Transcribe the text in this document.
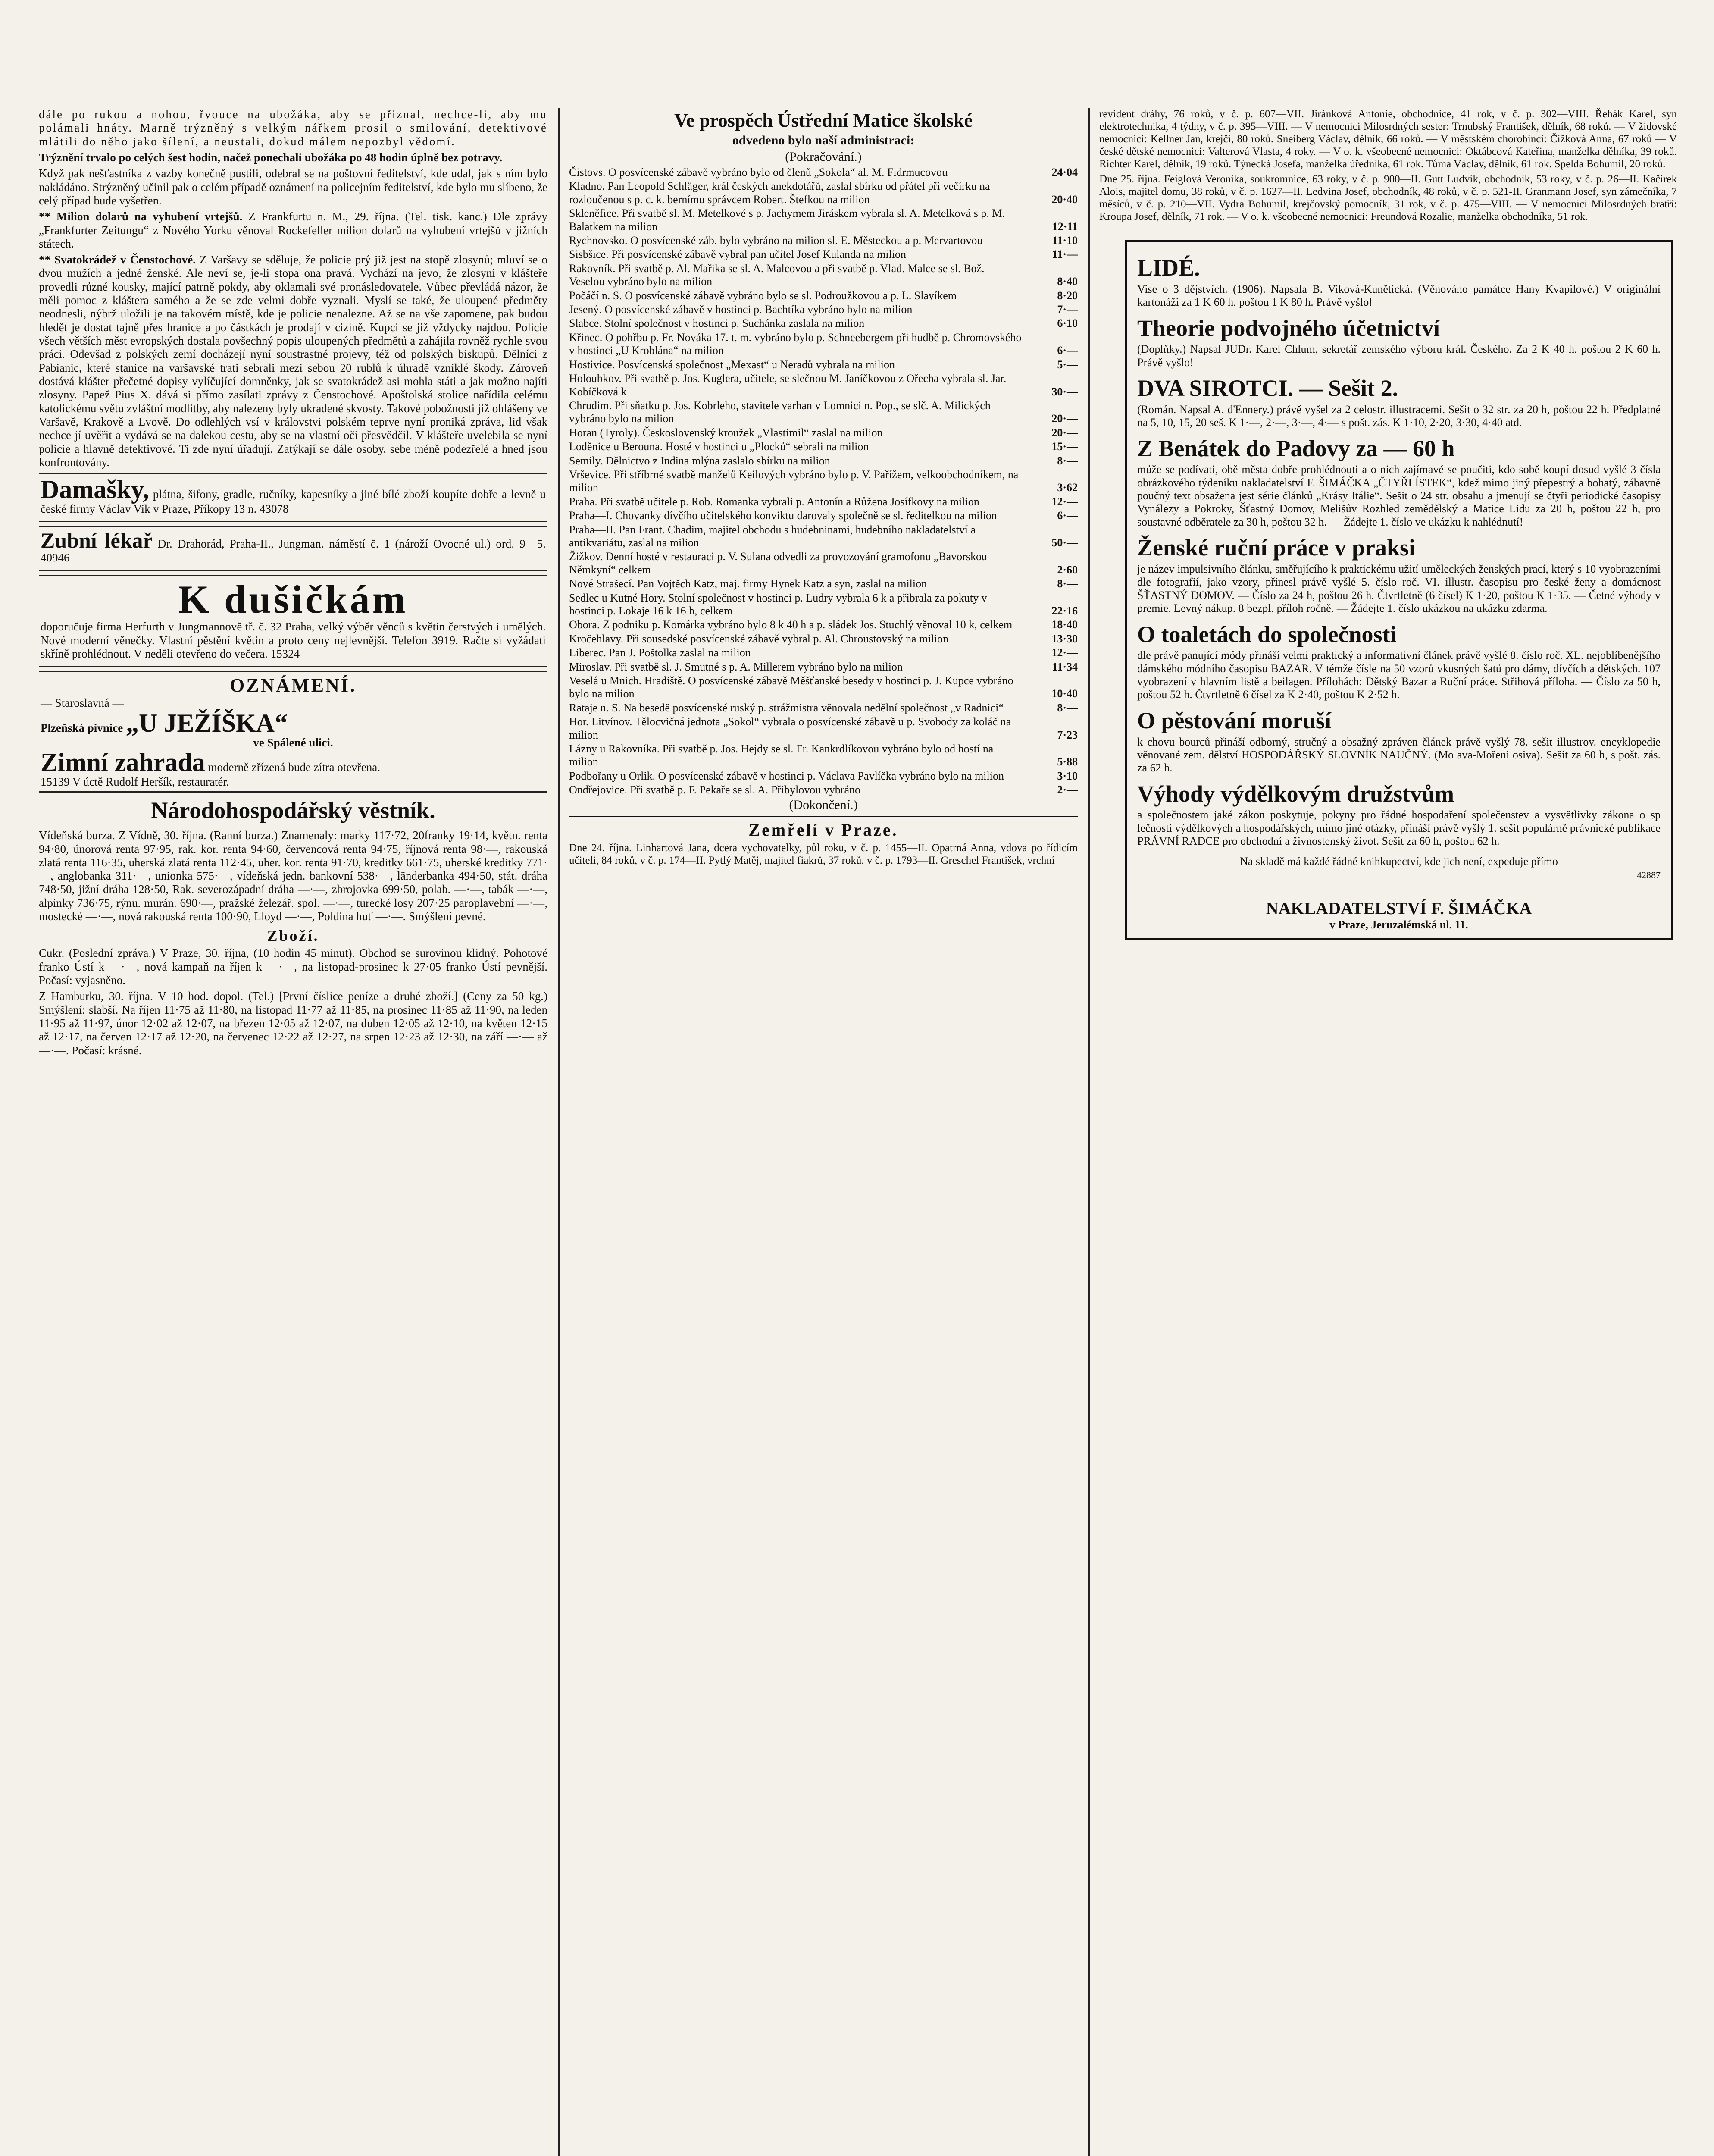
dále po rukou a nohou, řvouce na ubožáka, aby se přiznal, nechce-li, aby mu polámali hnáty. Marně trýzněný s velkým nářkem prosil o smilování, detektivové mlátili do něho jako šílení, a neustali, dokud málem nepozbyl vědomí.

Trýznění trvalo po celých šest hodin, načež ponechali ubožáka po 48 hodin úplně bez potravy.

Když pak nešťastníka z vazby konečně pustili, odebral se na poštovní ředitelství, kde udal, jak s ním bylo nakládáno. Strýzněný učinil pak o celém případě oznámení na policejním ředitelství, kde bylo mu slíbeno, že celý případ bude vyšetřen.

** Milion dolarů na vyhubení vrtejšů. Z Frankfurtu n. M., 29. října. (Tel. tisk. kanc.) Dle zprávy „Frankfurter Zeitungu“ z Nového Yorku věnoval Rockefeller milion dolarů na vyhubení vrtejšů v jižních státech.

** Svatokrádež v Čenstochové. Z Varšavy se sděluje, že policie prý již jest na stopě zlosynů; mluví se o dvou mužích a jedné ženské. Ale neví se, je-li stopa ona pravá. Vychází na jevo, že zlosyni v klášteře provedli různé kousky, mající patrně pokdy, aby oklamali své pronásledovatele. Vůbec převládá názor, že měli pomoc z kláštera samého a že se zde velmi dobře vyznali. Myslí se také, že uloupené předměty neodnesli, nýbrž uložili je na takovém místě, kde je policie nenalezne. Až se na vše zapomene, pak budou hledět je dostat tajně přes hranice a po částkách je prodají v cizině. Kupci se již vždycky najdou. Policie všech větších měst evropských dostala povšechný popis uloupených předmětů a zahájila rovněž rychle svou práci. Odevšad z polských zemí docházejí nyní soustrastné projevy, též od polských biskupů. Dělníci z Pabianic, které stanice na varšavské trati sebrali mezi sebou 20 rublů k úhradě vzniklé škody. Zároveň dostává klášter přečetné dopisy vylíčující domněnky, jak se svatokrádež asi mohla státi a jak možno najíti zlosyny. Papež Pius X. dává si přímo zasílati zprávy z Čenstochové. Apoštolská stolice nařídila celému katolickému světu zvláštní modlitby, aby nalezeny byly ukradené skvosty. Takové pobožnosti již ohlášeny ve Varšavě, Krakově a Lvově. Do odlehlých vsí v královstvi polském teprve nyní proniká zpráva, lid však nechce jí uvěřit a vydává se na dalekou cestu, aby se na vlastní oči přesvědčil. V klášteře uvelebila se nyní policie a hlavně detektivové. Ti zde nyní úřadují. Zatýkají se dále osoby, sebe méně podezřelé a hned jsou konfrontovány.

Damašky, plátna, šifony, gradle, ručníky, kapesníky a jiné bílé zboží koupíte dobře a levně u české firmy Václav Vik v Praze, Příkopy 13 n. 43078

Zubní lékař Dr. Drahorád, Praha-II., Jungman. náměstí č. 1 (nároží Ovocné ul.) ord. 9—5. 40946

K dušičkám

doporučuje firma Herfurth v Jungmannově tř. č. 32 Praha, velký výběr věnců s květin čerstvých i umělých. Nové moderní věnečky. Vlastní pěstění květin a proto ceny nejlevnější. Telefon 3919. Račte si vyžádati skříně prohlédnout. V neděli otevřeno do večera. 15324

OZNÁMENÍ.

— Staroslavná —

Plzeňská pivnice „U JEŽÍŠKA“

ve Spálené ulici.

Zimní zahrada moderně zřízená bude zítra otevřena.

15139 V úctě Rudolf Heršík, restauratér.

Národohospodářský věstník.

Vídeňská burza. Z Vídně, 30. října. (Ranní burza.) Znamenaly: marky 117·72, 20franky 19·14, květn. renta 94·80, únorová renta 97·95, rak. kor. renta 94·60, červencová renta 94·75, říjnová renta 98·—, rakouská zlatá renta 116·35, uherská zlatá renta 112·45, uher. kor. renta 91·70, kreditky 661·75, uherské kreditky 771·—, anglobanka 311·—, unionka 575·—, vídeňská jedn. bankovní 538·—, länderbanka 494·50, stát. dráha 748·50, jižní dráha 128·50, Rak. severozápadní dráha —·—, zbrojovka 699·50, polab. —·—, tabák —·—, alpinky 736·75, rýnu. murán. 690·—, pražské železář. spol. —·—, turecké losy 207·25 paroplavební —·—, mostecké —·—, nová rakouská renta 100·90, Lloyd —·—, Poldina huť —·—. Smýšlení pevné.

Zboží.

Cukr. (Poslední zpráva.) V Praze, 30. října, (10 hodin 45 minut). Obchod se surovinou klidný. Pohotové franko Ústí k —·—, nová kampaň na říjen k —·—, na listopad-prosinec k 27·05 franko Ústí pevnější. Počasí: vyjasněno.

Z Hamburku, 30. října. V 10 hod. dopol. (Tel.) [První číslice peníze a druhé zboží.] (Ceny za 50 kg.) Smýšlení: slabší. Na říjen 11·75 až 11·80, na listopad 11·77 až 11·85, na prosinec 11·85 až 11·90, na leden 11·95 až 11·97, únor 12·02 až 12·07, na březen 12·05 až 12·07, na duben 12·05 až 12·10, na květen 12·15 až 12·17, na červen 12·17 až 12·20, na červenec 12·22 až 12·27, na srpen 12·23 až 12·30, na září —·— až —·—. Počasí: krásné.

Ve prospěch Ústřední Matice školské
odvedeno bylo naší administraci:
(Pokračování.)
Čistovs. O posvícenské zábavě vybráno bylo od členů „Sokola“ al. M. Fidrmucovou	24·04
Kladno. Pan Leopold Schläger, král českých anekdotářů, zaslal sbírku od přátel při večírku na rozloučenou s p. c. k. bernímu správcem Robert. Štefkou na milion	20·40
Skleněfice. Při svatbě sl. M. Metelkové s p. Jachymem Jiráskem vybrala sl. A. Metelková s p. M. Balatkem na milion	12·11
Rychnovsko. O posvícenské záb. bylo vybráno na milion sl. E. Městeckou a p. Mervartovou	11·10
Sisbšice. Při posvícenské zábavě vybral pan učitel Josef Kulanda na milion	11·—
Rakovník. Při svatbě p. Al. Mařika se sl. A. Malcovou a při svatbě p. Vlad. Malce se sl. Bož. Veselou vybráno bylo na milion	8·40
Počáčí n. S. O posvícenské zábavě vybráno bylo se sl. Podroužkovou a p. L. Slavíkem	8·20
Jesený. O posvícenské zábavě v hostinci p. Bachtíka vybráno bylo na milion	7·—
Slabce. Stolní společnost v hostinci p. Suchánka zaslala na milion	6·10
Křinec. O pohřbu p. Fr. Nováka 17. t. m. vybráno bylo p. Schneebergem při hudbě p. Chromovského v hostinci „U Kroblána“ na milion	6·—
Hostivice. Posvícenská společnost „Mexast“ u Neradů vybrala na milion	5·—
Holoubkov. Při svatbě p. Jos. Kuglera, učitele, se slečnou M. Janíčkovou z Ořecha vybrala sl. Jar. Kobíčková k	30·—
Chrudim. Při sňatku p. Jos. Kobrleho, stavitele varhan v Lomnici n. Pop., se slč. A. Milických vybráno bylo na milion	20·—
Horan (Tyroly). Československý kroužek „Vlastimil“ zaslal na milion	20·—
Loděnice u Berouna. Hosté v hostinci u „Plocků“ sebrali na milion	15·—
Semily. Dělnictvo z Indina mlýna zaslalo sbírku na milion	8·—
Vrševice. Při stříbrné svatbě manželů Keilových vybráno bylo p. V. Pařížem, velkoobchodníkem, na milion	3·62
Praha. Při svatbě učitele p. Rob. Romanka vybrali p. Antonín a Růžena Josífkovy na milion	12·—
Praha—I. Chovanky dívčího učitelského konviktu darovaly společně se sl. ředitelkou na milion	6·—
Praha—II. Pan Frant. Chadim, majitel obchodu s hudebninami, hudebního nakladatelství a antikvariátu, zaslal na milion	50·—
Žižkov. Denní hosté v restauraci p. V. Sulana odvedli za provozování gramofonu „Bavorskou Němkyní“ celkem	2·60
Nové Strašecí. Pan Vojtěch Katz, maj. firmy Hynek Katz a syn, zaslal na milion	8·—
Sedlec u Kutné Hory. Stolní společnost v hostinci p. Ludry vybrala 6 k a přibrala za pokuty v hostinci p. Lokaje 16 k 16 h, celkem	22·16
Obora. Z podniku p. Komárka vybráno bylo 8 k 40 h a p. sládek Jos. Stuchlý věnoval 10 k, celkem	18·40
Kročehlavy. Při sousedské posvícenské zábavě vybral p. Al. Chroustovský na milion	13·30
Liberec. Pan J. Poštolka zaslal na milion	12·—
Miroslav. Při svatbě sl. J. Smutné s p. A. Millerem vybráno bylo na milion	11·34
Veselá u Mnich. Hradiště. O posvícenské zábavě Měšťanské besedy v hostinci p. J. Kupce vybráno bylo na milion	10·40
Rataje n. S. Na besedě posvícenské ruský p. strážmistra věnovala nedělní společnost „v Radnici“	8·—
Hor. Litvínov. Tělocvičná jednota „Sokol“ vybrala o posvícenské zábavě u p. Svobody za koláč na milion	7·23
Lázny u Rakovníka. Při svatbě p. Jos. Hejdy se sl. Fr. Kankrdlíkovou vybráno bylo od hostí na milion	5·88
Podbořany u Orlik. O posvícenské zábavě v hostinci p. Václava Pavlíčka vybráno bylo na milion	3·10
Ondřejovice. Při svatbě p. F. Pekaře se sl. A. Přibylovou vybráno	2·—
(Dokončení.)
Zemřelí v Praze.

Dne 24. října. Linhartová Jana, dcera vychovatelky, půl roku, v č. p. 1455—II. Opatrná Anna, vdova po řídicím učiteli, 84 roků, v č. p. 174—II. Pytlý Matěj, majitel fiakrů, 37 roků, v č. p. 1793—II. Greschel František, vrchní

revident dráhy, 76 roků, v č. p. 607—VII. Jiránková Antonie, obchodnice, 41 rok, v č. p. 302—VIII. Řehák Karel, syn elektrotechnika, 4 týdny, v č. p. 395—VIII. — V nemocnici Milosrdných sester: Trnubský František, dělník, 68 roků. — V židovské nemocnici: Kellner Jan, krejčí, 80 roků. Sneiberg Václav, dělník, 66 roků. — V městském chorobinci: Čížková Anna, 67 roků — V české dětské nemocnici: Valterová Vlasta, 4 roky. — V o. k. všeobecné nemocnici: Oktábcová Kateřina, manželka dělníka, 39 roků. Richter Karel, dělník, 19 roků. Týnecká Josefa, manželka úředníka, 61 rok. Tůma Václav, dělník, 61 rok. Spelda Bohumil, 20 roků.

Dne 25. října. Feiglová Veronika, soukromnice, 63 roky, v č. p. 900—II. Gutt Ludvík, obchodník, 53 roky, v č. p. 26—II. Kačírek Alois, majitel domu, 38 roků, v č. p. 1627—II. Ledvina Josef, obchodník, 48 roků, v č. p. 521-II. Granmann Josef, syn zámečníka, 7 měsíců, v č. p. 210—VII. Vydra Bohumil, krejčovský pomocník, 31 rok, v č. p. 475—VIII. — V nemocnici Milosrdných bratří: Kroupa Josef, dělník, 71 rok. — V o. k. všeobecné nemocnici: Freundová Rozalie, manželka obchodníka, 51 rok.

LIDÉ.

Vise o 3 dějstvích. (1906). Napsala B. Viková-Kunětická. (Věnováno památce Hany Kvapilové.) V originální kartonáži za 1 K 60 h, poštou 1 K 80 h. Právě vyšlo!

Theorie podvojného účetnictví

(Doplňky.) Napsal JUDr. Karel Chlum, sekretář zemského výboru král. Českého. Za 2 K 40 h, poštou 2 K 60 h. Právě vyšlo!

DVA SIROTCI. — Sešit 2.

(Román. Napsal A. d'Ennery.) právě vyšel za 2 celostr. illustracemi. Sešit o 32 str. za 20 h, poštou 22 h. Předplatné na 5, 10, 15, 20 seš. K 1·—, 2·—, 3·—, 4·— s pošt. zás. K 1·10, 2·20, 3·30, 4·40 atd.

Z Benátek do Padovy za — 60 h

může se podívati, obě města dobře prohlédnouti a o nich zajímavé se poučiti, kdo sobě koupí dosud vyšlé 3 čísla obrázkového týdeníku nakladatelství F. ŠIMÁČKA „ČTYŘLÍSTEK“, kdež mimo jiný přepestrý a bohatý, zábavně poučný text obsažena jest série článků „Krásy Itálie“. Sešit o 24 str. obsahu a jmenují se čtyři periodické časopisy Vynálezy a Pokroky, Šťastný Domov, Melišův Rozhled zemědělský a Matice Lidu za 20 h, poštou 22 h, pro soustavné odběratele za 30 h, poštou 32 h. — Žádejte 1. číslo ve ukázku k nahlédnutí!

Ženské ruční práce v praksi

je název impulsivního článku, směřujícího k praktickému užití uměleckých ženských prací, který s 10 vyobrazeními dle fotografií, jako vzory, přinesl právě vyšlé 5. číslo roč. VI. illustr. časopisu pro české ženy a domácnost ŠŤASTNÝ DOMOV. — Číslo za 24 h, poštou 26 h. Čtvrtletně (6 čísel) K 1·20, poštou K 1·35. — Četné výhody v premie. Levný nákup. 8 bezpl. příloh ročně. — Žádejte 1. číslo ukázkou na ukázku zdarma.

O toaletách do společnosti

dle právě panující módy přináší velmi praktický a informativní článek právě vyšlé 8. číslo roč. XL. nejoblíbenějšího dámského módního časopisu BAZAR. V témže čísle na 50 vzorů vkusných šatů pro dámy, dívčích a dětských. 107 vyobrazení v hlavním listě a beilagen. Přílohách: Dětský Bazar a Ruční práce. Střihová příloha. — Číslo za 50 h, poštou 52 h. Čtvrtletně 6 čísel za K 2·40, poštou K 2·52 h.

O pěstování moruší

k chovu bourců přináší odborný, stručný a obsažný zpráven článek právě vyšlý 78. sešit illustrov. encyklopedie věnované zem. dělství HOSPODÁŘSKÝ SLOVNÍK NAUČNÝ. (Mo ava-Mořeni osiva). Sešit za 60 h, s pošt. zás. za 62 h.

Výhody výdělkovým družstvům

a společnostem jaké zákon poskytuje, pokyny pro řádné hospodaření společenstev a vysvětlivky zákona o sp lečnosti výdělkových a hospodářských, mimo jiné otázky, přináší právě vyšlý 1. sešit populárně právnické publikace PRÁVNÍ RADCE pro obchodní a živnostenský život. Sešit za 60 h, poštou 62 h.

Na skladě má každé řádné knihkupectví, kde jich není, expeduje přímo

42887

NAKLADATELSTVÍ F. ŠIMÁČKA
v Praze, Jeruzalémská ul. 11.
